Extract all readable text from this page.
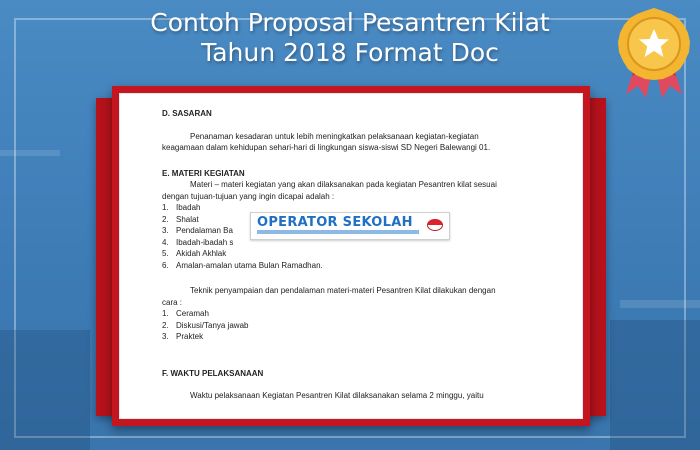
Contoh Proposal Pesantren Kilat
Tahun 2018 Format Doc

D. SASARAN

Penanaman kesadaran untuk lebih meningkatkan pelaksanaan kegiatan-kegiatan

keagamaan dalam kehidupan sehari-hari di lingkungan siswa-siswi SD Negeri Balewangi 01.

E. MATERI KEGIATAN

Materi – materi kegiatan yang akan dilaksanakan pada kegiatan Pesantren kilat sesuai

dengan tujuan-tujuan yang ingin dicapai adalah :

1. Ibadah

2. Shalat

3. Pendalaman Ba

4. Ibadah-ibadah s

5. Akidah Akhlak

6. Amalan-amalan utama Bulan Ramadhan.

Teknik penyampaian dan pendalaman materi-materi Pesantren Kilat dilakukan dengan

cara :

1. Ceramah

2. Diskusi/Tanya jawab

3. Praktek

F. WAKTU PELAKSANAAN

Waktu pelaksanaan Kegiatan Pesantren Kilat dilaksanakan selama 2 minggu, yaitu

OPERATOR SEKOLAH
